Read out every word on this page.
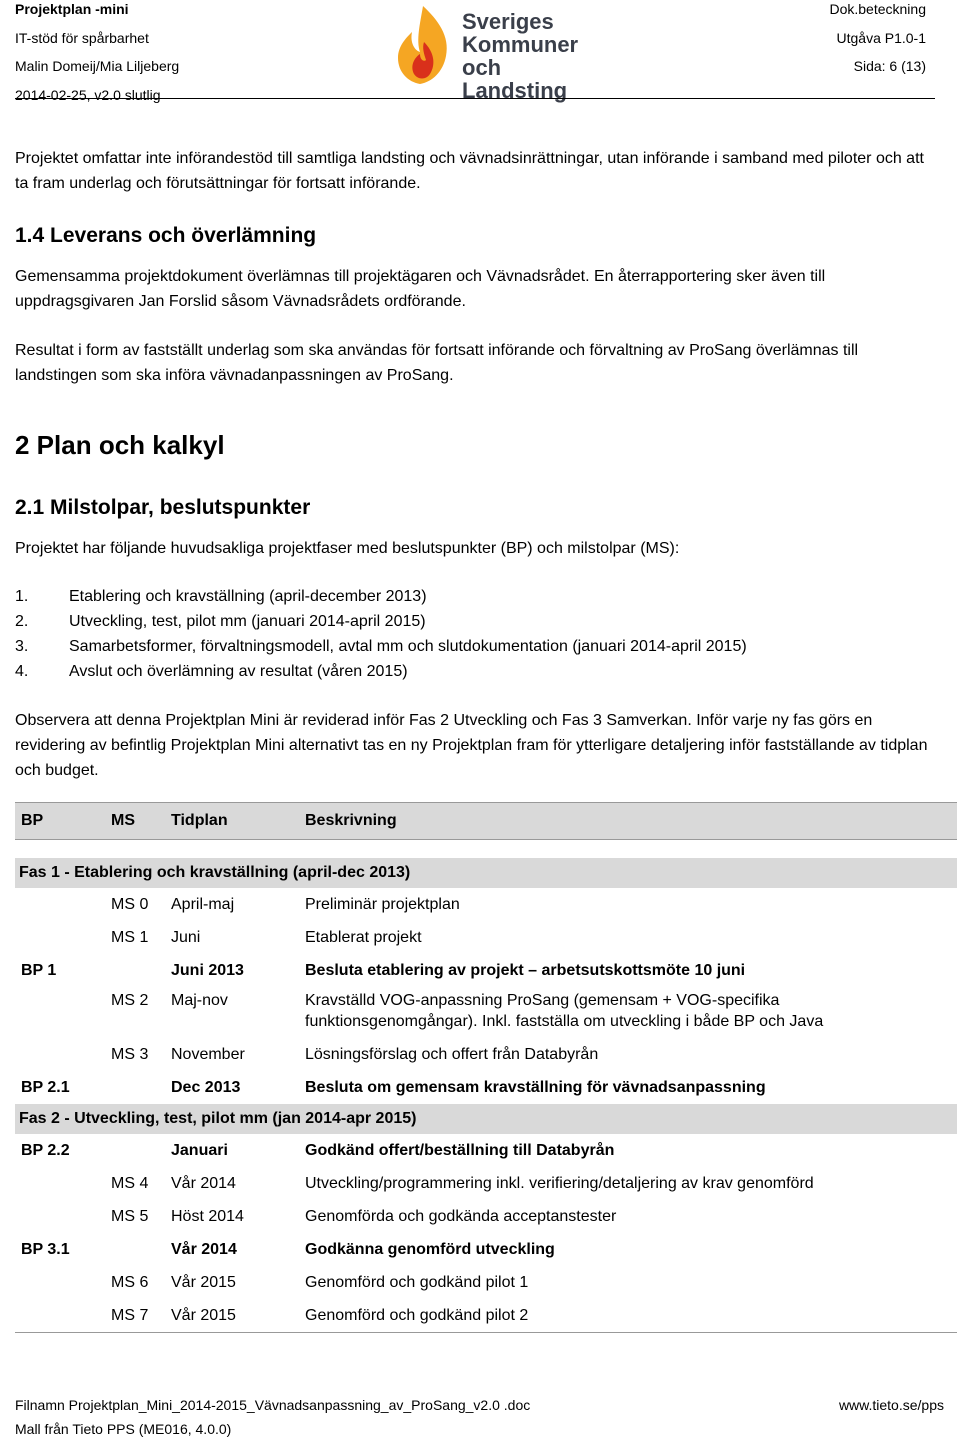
Projektplan -mini
IT-stöd för spårbarhet
Malin Domeij/Mia Liljeberg
2014-02-25, v2.0 slutlig
Sveriges
Kommuner
och Landsting
Dok.beteckning
Utgåva P1.0-1
Sida: 6 (13)

Projektet omfattar inte införandestöd till samtliga landsting och vävnadsinrättningar, utan införande i samband med piloter och att ta fram underlag och förutsättningar för fortsatt införande.

1.4 Leverans och överlämning

Gemensamma projektdokument överlämnas till projektägaren och Vävnadsrådet. En återrapportering sker även till uppdragsgivaren Jan Forslid såsom Vävnadsrådets ordförande.

Resultat i form av fastställt underlag som ska användas för fortsatt införande och förvaltning av ProSang överlämnas till landstingen som ska införa vävnadanpassningen av ProSang.

2 Plan och kalkyl
2.1 Milstolpar, beslutspunkter

Projektet har följande huvudsakliga projektfaser med beslutspunkter (BP) och milstolpar (MS):

1.	Etablering och kravställning (april-december 2013)
2.	Utveckling, test, pilot mm (januari 2014-april 2015)
3.	Samarbetsformer, förvaltningsmodell, avtal mm och slutdokumentation (januari 2014-april 2015)
4.	Avslut och överlämning av resultat (våren 2015)

Observera att denna Projektplan Mini är reviderad inför Fas 2 Utveckling och Fas 3 Samverkan. Inför varje ny fas görs en revidering av befintlig Projektplan Mini alternativt tas en ny Projektplan fram för ytterligare detaljering inför fastställande av tidplan och budget.

BP	MS	Tidplan	Beskrivning

Fas 1 - Etablering och kravställning (april-dec 2013)			
	MS 0	April-maj	Preliminär projektplan
	MS 1	Juni	Etablerat projekt
BP 1		Juni 2013	Besluta etablering av projekt – arbetsutskottsmöte 10 juni
	MS 2	Maj-nov	Kravställd VOG-anpassning ProSang (gemensam + VOG-specifika funktionsgenomgångar). Inkl. fastställa om utveckling i både BP och Java
	MS 3	November	Lösningsförslag och offert från Databyrån
BP 2.1		Dec 2013	Besluta om gemensam kravställning för vävnadsanpassning
Fas 2 - Utveckling, test, pilot mm (jan 2014-apr 2015)			
BP 2.2		Januari	Godkänd offert/beställning till Databyrån
	MS 4	Vår 2014	Utveckling/programmering inkl. verifiering/detaljering av krav genomförd
	MS 5	Höst 2014	Genomförda och godkända acceptanstester
BP 3.1		Vår 2014	Godkänna genomförd utveckling
	MS 6	Vår 2015	Genomförd och godkänd pilot 1
	MS 7	Vår 2015	Genomförd och godkänd pilot 2
Filnamn Projektplan_Mini_2014-2015_Vävnadsanpassning_av_ProSang_v2.0 .doc	www.tieto.se/pps
Mall från Tieto PPS (ME016, 4.0.0)
